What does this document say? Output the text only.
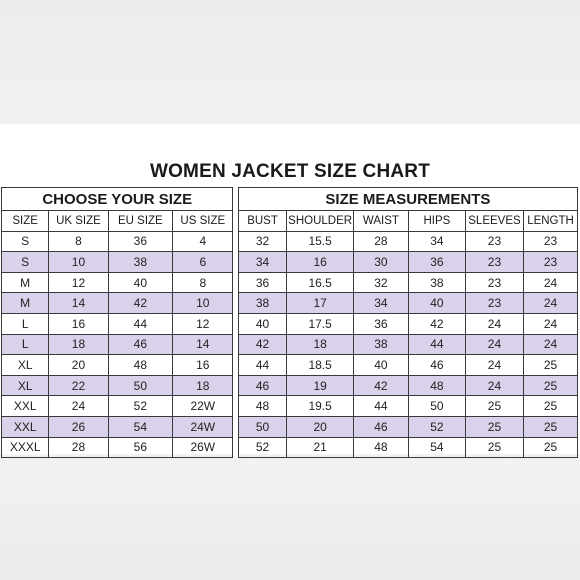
WOMEN JACKET SIZE CHART
CHOOSE YOUR SIZE					SIZE MEASUREMENTS					
SIZE	UK SIZE	EU SIZE	US SIZE		BUST	SHOULDER	WAIST	HIPS	SLEEVES	LENGTH
S	8	36	4		32	15.5	28	34	23	23
S	10	38	6		34	16	30	36	23	23
M	12	40	8		36	16.5	32	38	23	24
M	14	42	10		38	17	34	40	23	24
L	16	44	12		40	17.5	36	42	24	24
L	18	46	14		42	18	38	44	24	24
XL	20	48	16		44	18.5	40	46	24	25
XL	22	50	18		46	19	42	48	24	25
XXL	24	52	22W		48	19.5	44	50	25	25
XXL	26	54	24W		50	20	46	52	25	25
XXXL	28	56	26W		52	21	48	54	25	25
